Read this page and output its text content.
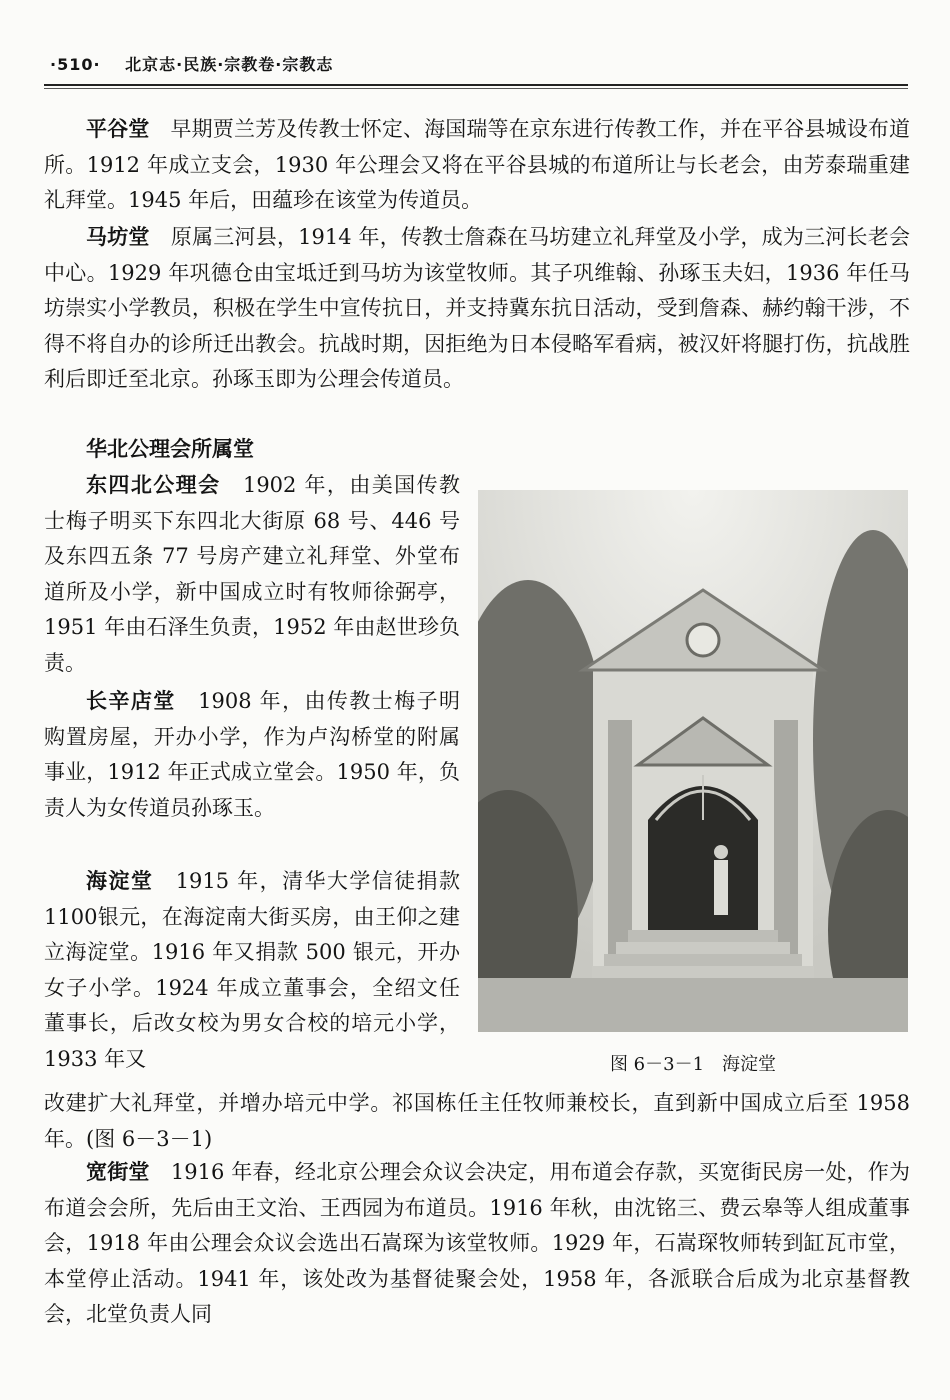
·510· 北京志·民族·宗教卷·宗教志
平谷堂　 早期贾兰芳及传教士怀定、海国瑞等在京东进行传教工作，并在平谷县城设布道所。1912 年成立支会，1930 年公理会又将在平谷县城的布道所让与长老会，由芳泰瑞重建礼拜堂。1945 年后，田蕴珍在该堂为传道员。
马坊堂　 原属三河县，1914 年，传教士詹森在马坊建立礼拜堂及小学，成为三河长老会中心。1929 年巩德仓由宝坻迁到马坊为该堂牧师。其子巩维翰、孙琢玉夫妇，1936 年任马坊崇实小学教员，积极在学生中宣传抗日，并支持冀东抗日活动，受到詹森、赫约翰干涉，不得不将自办的诊所迁出教会。抗战时期，因拒绝为日本侵略军看病，被汉奸将腿打伤，抗战胜利后即迁至北京。孙琢玉即为公理会传道员。
华北公理会所属堂
东四北公理会　 1902 年，由美国传教士梅子明买下东四北大街原 68 号、446 号及东四五条 77 号房产建立礼拜堂、外堂布道所及小学，新中国成立时有牧师徐弼亭，1951 年由石泽生负责，1952 年由赵世珍负责。
长辛店堂　 1908 年，由传教士梅子明购置房屋，开办小学，作为卢沟桥堂的附属事业，1912 年正式成立堂会。1950 年，负责人为女传道员孙琢玉。
海淀堂　 1915 年，清华大学信徒捐款1100银元，在海淀南大街买房，由王仰之建立海淀堂。1916 年又捐款 500 银元，开办女子小学。1924 年成立董事会，全绍文任董事长，后改女校为男女合校的培元小学，1933 年又
改建扩大礼拜堂，并增办培元中学。祁国栋任主任牧师兼校长，直到新中国成立后至 1958 年。(图 6－3－1)
宽街堂　 1916 年春，经北京公理会众议会决定，用布道会存款，买宽街民房一处，作为布道会会所，先后由王文治、王西园为布道员。1916 年秋，由沈铭三、费云皋等人组成董事会，1918 年由公理会众议会选出石嵩琛为该堂牧师。1929 年，石嵩琛牧师转到缸瓦市堂，本堂停止活动。1941 年，该处改为基督徒聚会处，1958 年，各派联合后成为北京基督教会，北堂负责人同
图 6－3－1　海淀堂
